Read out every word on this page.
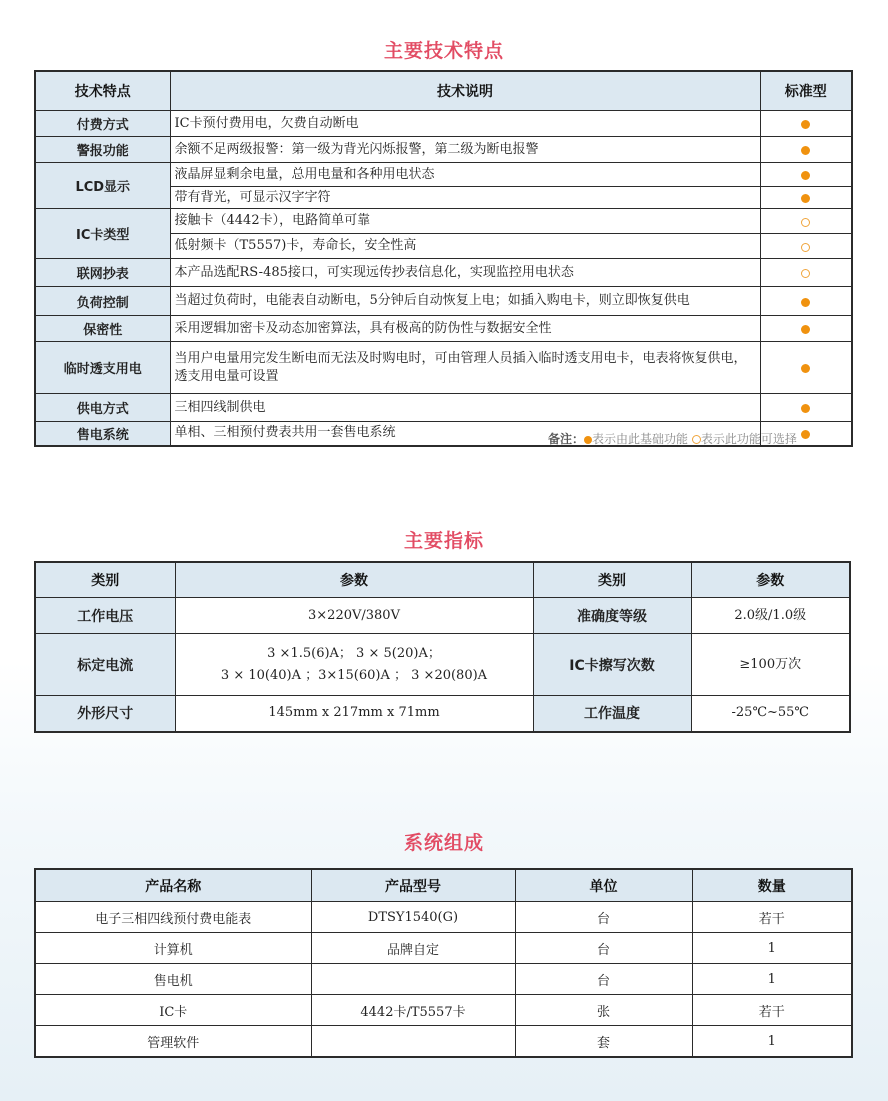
主要技术特点
技术特点	技术说明	标准型
付费方式	IC卡预付费用电，欠费自动断电	
警报功能	余额不足两级报警：第一级为背光闪烁报警，第二级为断电报警	
LCD显示	液晶屏显剩余电量，总用电量和各种用电状态	
	带有背光，可显示汉字字符	
IC卡类型	接触卡（4442卡），电路简单可靠	
	低射频卡（T5557)卡，寿命长，安全性高	
联网抄表	本产品选配RS-485接口，可实现远传抄表信息化，实现监控用电状态	
负荷控制	当超过负荷时，电能表自动断电，5分钟后自动恢复上电；如插入购电卡，则立即恢复供电	
保密性	采用逻辑加密卡及动态加密算法，具有极高的防伪性与数据安全性	
临时透支用电	当用户电量用完发生断电而无法及时购电时，可由管理人员插入临时透支用电卡，电表将恢复供电， 透支用电量可设置	
供电方式	三相四线制供电	
售电系统	单相、三相预付费表共用一套售电系统		备注： 表示由此基础功能 表示此功能可选择
主要指标
类别	参数	类别	参数
工作电压	3×220V/380V	准确度等级	2.0级/1.0级
标定电流	3 ×1.5(6)A； 3 × 5(20)A；
3 × 10(40)A ；3×15(60)A ； 3 ×20(80)A	IC卡擦写次数	≥100万次
外形尺寸	145mm x 217mm x 71mm	工作温度	-25℃~55℃
系统组成
产品名称	产品型号	单位	数量
电子三相四线预付费电能表	DTSY1540(G)	台	若干
计算机	品牌自定	台	1
售电机		台	1
IC卡	4442卡/T5557卡	张	若干
管理软件		套	1
